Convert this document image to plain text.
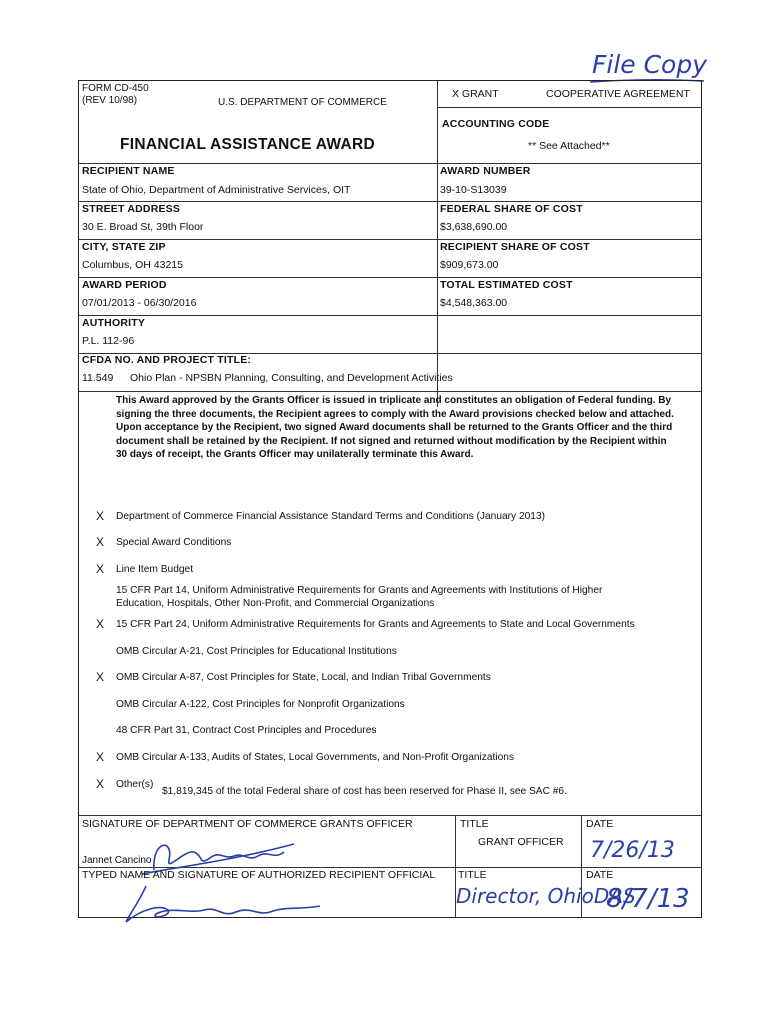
File Copy
FORM CD-450
(REV 10/98)	U.S. DEPARTMENT OF COMMERCE
X GRANT	COOPERATIVE AGREEMENT
ACCOUNTING CODE
FINANCIAL ASSISTANCE AWARD	** See Attached**
RECIPIENT NAME
State of Ohio, Department of Administrative Services, OIT
AWARD NUMBER
39-10-S13039
STREET ADDRESS
30 E. Broad St, 39th Floor
FEDERAL SHARE OF COST
$3,638,690.00
CITY, STATE ZIP
Columbus, OH 43215
RECIPIENT SHARE OF COST
$909,673.00
AWARD PERIOD
07/01/2013 - 06/30/2016
TOTAL ESTIMATED COST
$4,548,363.00
AUTHORITY
P.L. 112-96
CFDA NO. AND PROJECT TITLE:
11.549 Ohio Plan - NPSBN Planning, Consulting, and Development Activities
This Award approved by the Grants Officer is issued in triplicate and constitutes an obligation of Federal funding. By signing the three documents, the Recipient agrees to comply with the Award provisions checked below and attached. Upon acceptance by the Recipient, two signed Award documents shall be returned to the Grants Officer and the third document shall be retained by the Recipient. If not signed and returned without modification by the Recipient within 30 days of receipt, the Grants Officer may unilaterally terminate this Award.
X Department of Commerce Financial Assistance Standard Terms and Conditions (January 2013)
X Special Award Conditions
X Line Item Budget
15 CFR Part 14, Uniform Administrative Requirements for Grants and Agreements with Institutions of Higher
Education, Hospitals, Other Non-Profit, and Commercial Organizations
X 15 CFR Part 24, Uniform Administrative Requirements for Grants and Agreements to State and Local Governments
OMB Circular A-21, Cost Principles for Educational Institutions
X OMB Circular A-87, Cost Principles for State, Local, and Indian Tribal Governments
OMB Circular A-122, Cost Principles for Nonprofit Organizations
48 CFR Part 31, Contract Cost Principles and Procedures
X OMB Circular A-133, Audits of States, Local Governments, and Non-Profit Organizations
X Other(s)
$1,819,345 of the total Federal share of cost has been reserved for Phase II, see SAC #6.
SIGNATURE OF DEPARTMENT OF COMMERCE GRANTS OFFICER	TITLE	DATE
GRANT OFFICER 7/26/13
Jannet Cancino
TYPED NAME AND SIGNATURE OF AUTHORIZED RECIPIENT OFFICIAL TITLE	DATE
Director, OhioDAS
8/7/13
